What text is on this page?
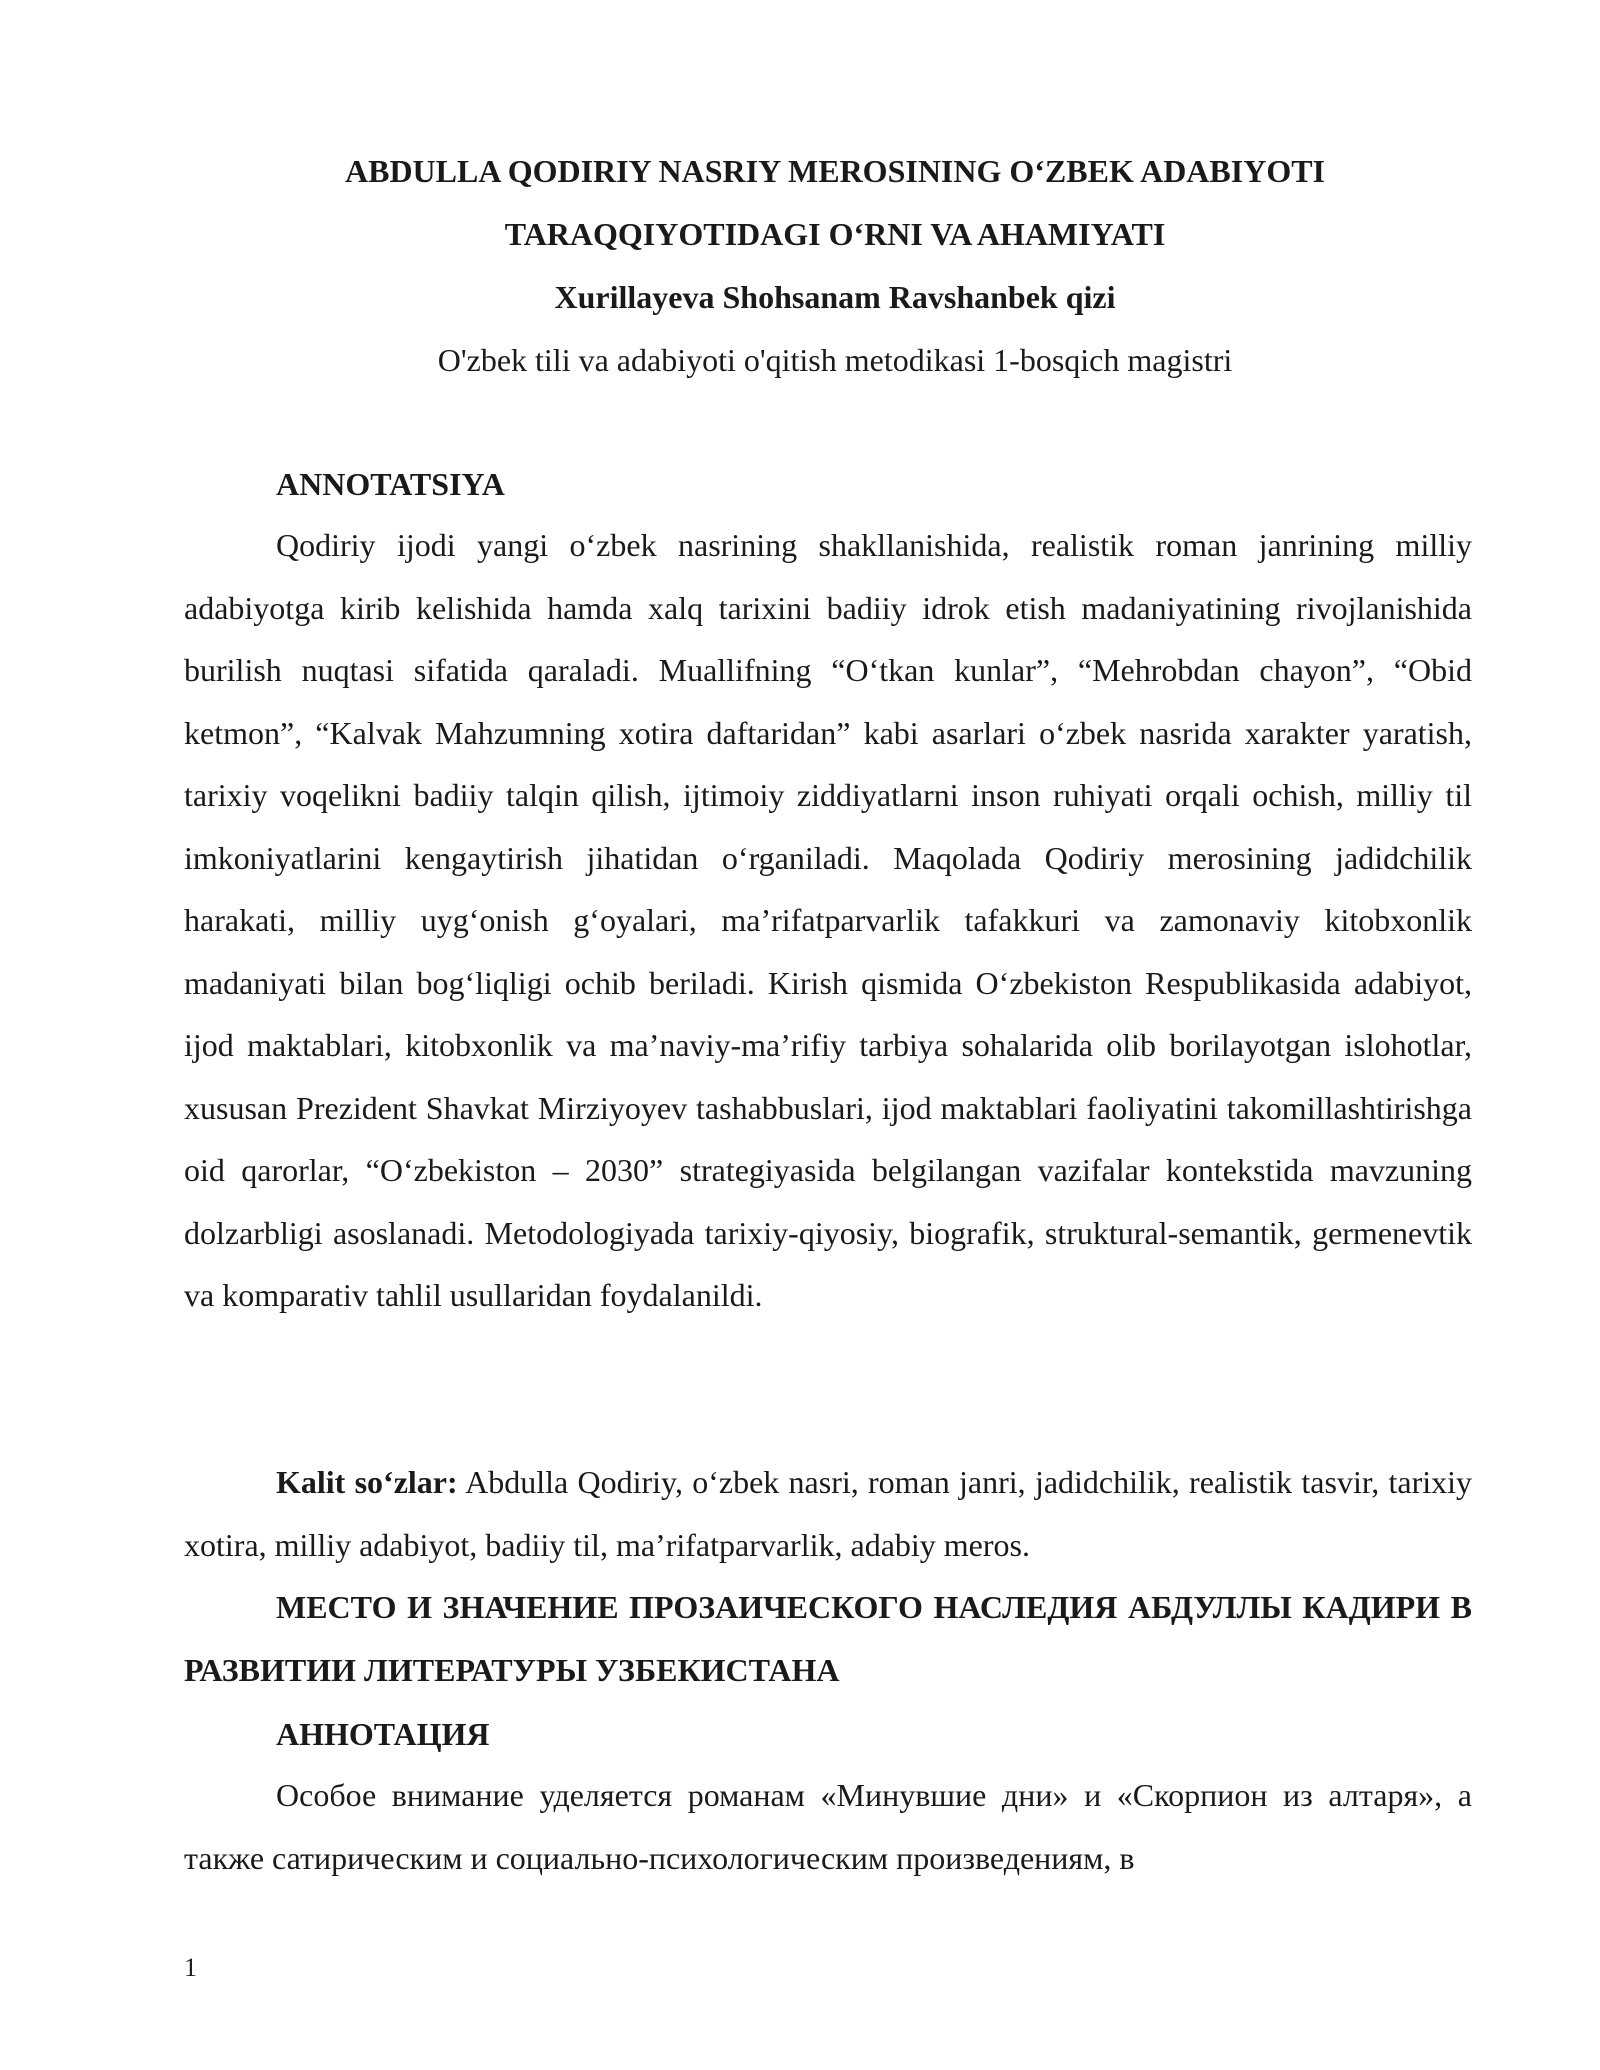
ABDULLA QODIRIY NASRIY MEROSINING O‘ZBEK ADABIYOTI
TARAQQIYOTIDAGI O‘RNI VA AHAMIYATI
Xurillayeva Shohsanam Ravshanbek qizi
O'zbek tili va adabiyoti o'qitish metodikasi 1-bosqich magistri
ANNOTATSIYA

Qodiriy ijodi yangi o‘zbek nasrining shakllanishida, realistik roman janrining milliy adabiyotga kirib kelishida hamda xalq tarixini badiiy idrok etish madaniyatining rivojlanishida burilish nuqtasi sifatida qaraladi. Muallifning “O‘tkan kunlar”, “Mehrobdan chayon”, “Obid ketmon”, “Kalvak Mahzumning xotira daftaridan” kabi asarlari o‘zbek nasrida xarakter yaratish, tarixiy voqelikni badiiy talqin qilish, ijtimoiy ziddiyatlarni inson ruhiyati orqali ochish, milliy til imkoniyatlarini kengaytirish jihatidan o‘rganiladi. Maqolada Qodiriy merosining jadidchilik harakati, milliy uyg‘onish g‘oyalari, ma’rifatparvarlik tafakkuri va zamonaviy kitobxonlik madaniyati bilan bog‘liqligi ochib beriladi. Kirish qismida O‘zbekiston Respublikasida adabiyot, ijod maktablari, kitobxonlik va ma’naviy-ma’rifiy tarbiya sohalarida olib borilayotgan islohotlar, xususan Prezident Shavkat Mirziyoyev tashabbuslari, ijod maktablari faoliyatini takomillashtirishga oid qarorlar, “O‘zbekiston – 2030” strategiyasida belgilangan vazifalar kontekstida mavzuning dolzarbligi asoslanadi. Metodologiyada tarixiy-qiyosiy, biografik, struktural-semantik, germenevtik va komparativ tahlil usullaridan foydalanildi.

Kalit so‘zlar: Abdulla Qodiriy, o‘zbek nasri, roman janri, jadidchilik, realistik tasvir, tarixiy xotira, milliy adabiyot, badiiy til, ma’rifatparvarlik, adabiy meros.

МЕСТО И ЗНАЧЕНИЕ ПРОЗАИЧЕСКОГО НАСЛЕДИЯ АБДУЛЛЫ КАДИРИ В РАЗВИТИИ ЛИТЕРАТУРЫ УЗБЕКИСТАНА

АННОТАЦИЯ

Особое внимание уделяется романам «Минувшие дни» и «Скорпион из алтаря», а также сатирическим и социально-психологическим произведениям, в

1
